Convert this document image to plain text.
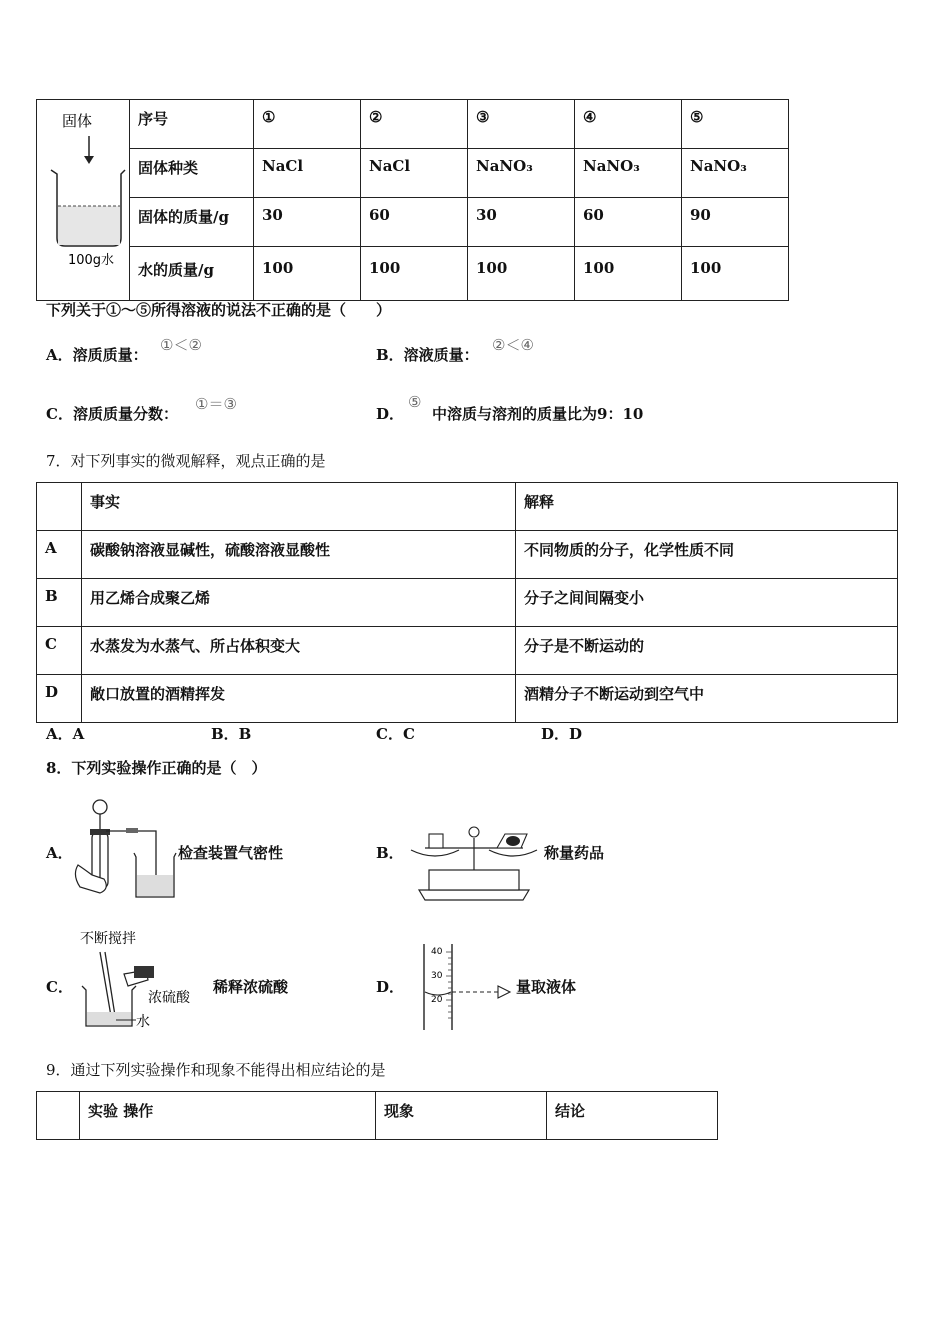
固体
100g水	序号	①	②	③	④	⑤

	固体种类	NaCl	NaCl	NaNO₃	NaNO₃	NaNO₃

	固体的质量/g	30	60	30	60	90

	水的质量/g	100	100	100	100	100
下列关于①～⑤所得溶液的说法不正确的是（　　）
A．溶质质量：
①＜②
B．溶液质量：
②＜④
C．溶质质量分数：
①＝③
D．
⑤
中溶质与溶剂的质量比为9：10
7．对下列事实的微观解释，观点正确的是

	事实	解释

A	碳酸钠溶液显碱性，硫酸溶液显酸性	不同物质的分子，化学性质不同

B	用乙烯合成聚乙烯	分子之间间隔变小

C	水蒸发为水蒸气、所占体积变大	分子是不断运动的

D	敞口放置的酒精挥发	酒精分子不断运动到空气中
A．A	B．B	C．C	D．D
8．下列实验操作正确的是（　）
A．	检查装置气密性	B．	称量药品
C．
不断搅拌
浓硫酸
水
稀释浓硫酸	D．
40
30
20
量取液体
9．通过下列实验操作和现象不能得出相应结论的是

实验 操作	现象	结论
